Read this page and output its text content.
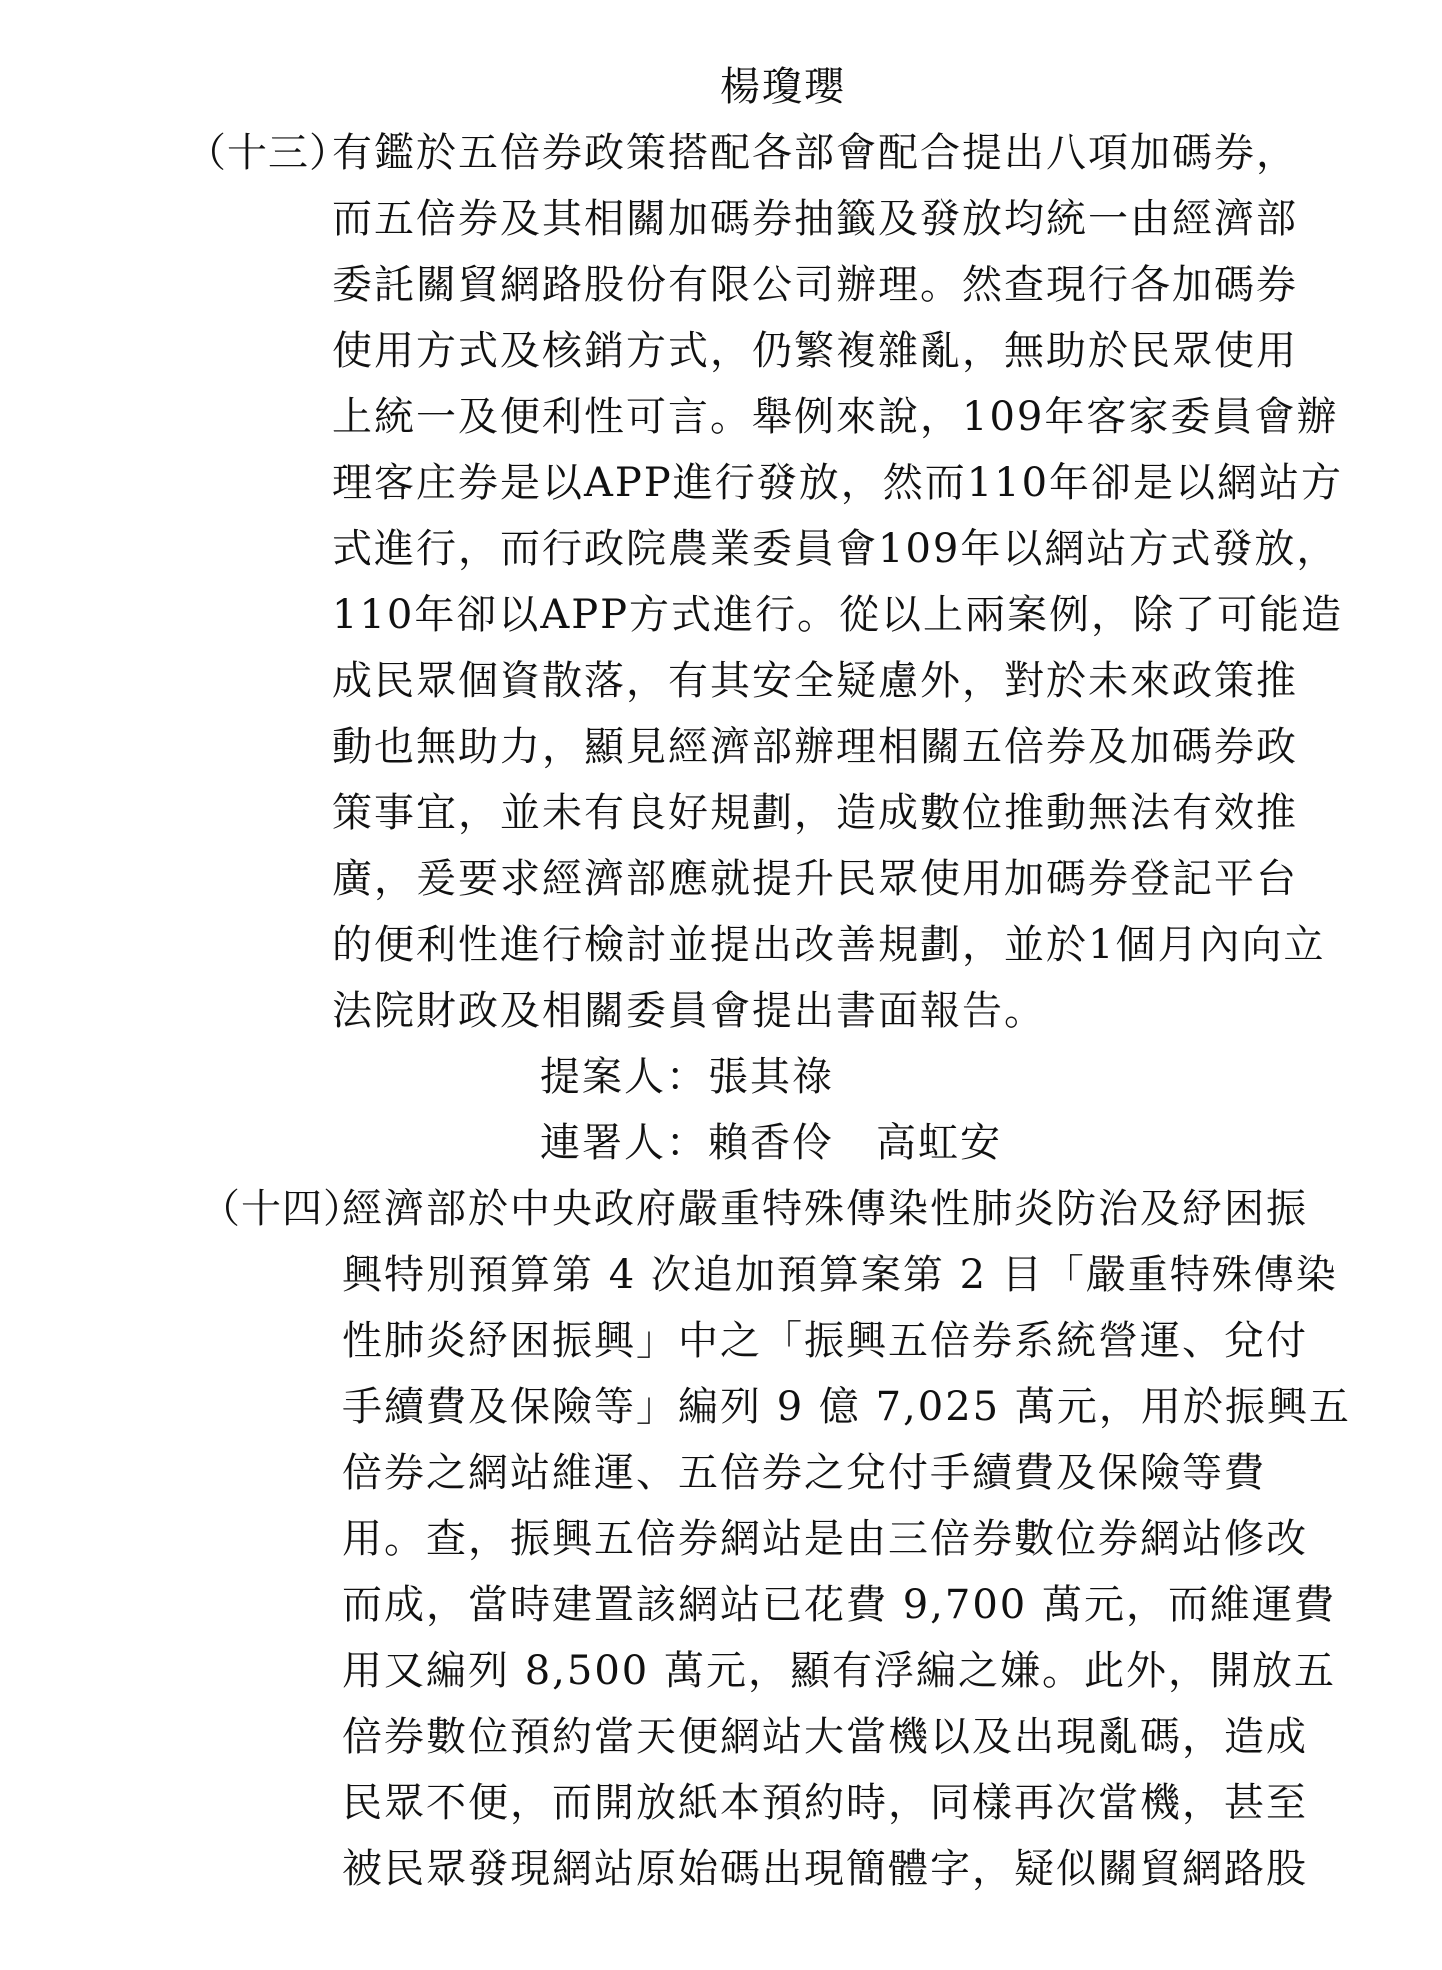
楊瓊瓔
（十三）
有鑑於五倍券政策搭配各部會配合提出八項加碼券，
而五倍券及其相關加碼券抽籤及發放均統一由經濟部
委託關貿網路股份有限公司辦理。然查現行各加碼券
使用方式及核銷方式，仍繁複雜亂，無助於民眾使用
上統一及便利性可言。舉例來說，109年客家委員會辦
理客庄券是以APP進行發放，然而110年卻是以網站方
式進行，而行政院農業委員會109年以網站方式發放，
110年卻以APP方式進行。從以上兩案例，除了可能造
成民眾個資散落，有其安全疑慮外，對於未來政策推
動也無助力，顯見經濟部辦理相關五倍券及加碼券政
策事宜，並未有良好規劃，造成數位推動無法有效推
廣，爰要求經濟部應就提升民眾使用加碼券登記平台
的便利性進行檢討並提出改善規劃，並於1個月內向立
法院財政及相關委員會提出書面報告。
提案人：張其祿
連署人：賴香伶　高虹安
（十四）
經濟部於中央政府嚴重特殊傳染性肺炎防治及紓困振
興特別預算第 4 次追加預算案第 2 目「嚴重特殊傳染
性肺炎紓困振興」中之「振興五倍券系統營運、兌付
手續費及保險等」編列 9 億 7,025 萬元，用於振興五
倍券之網站維運、五倍券之兌付手續費及保險等費
用。查，振興五倍券網站是由三倍券數位券網站修改
而成，當時建置該網站已花費 9,700 萬元，而維運費
用又編列 8,500 萬元，顯有浮編之嫌。此外，開放五
倍券數位預約當天便網站大當機以及出現亂碼，造成
民眾不便，而開放紙本預約時，同樣再次當機，甚至
被民眾發現網站原始碼出現簡體字，疑似關貿網路股
